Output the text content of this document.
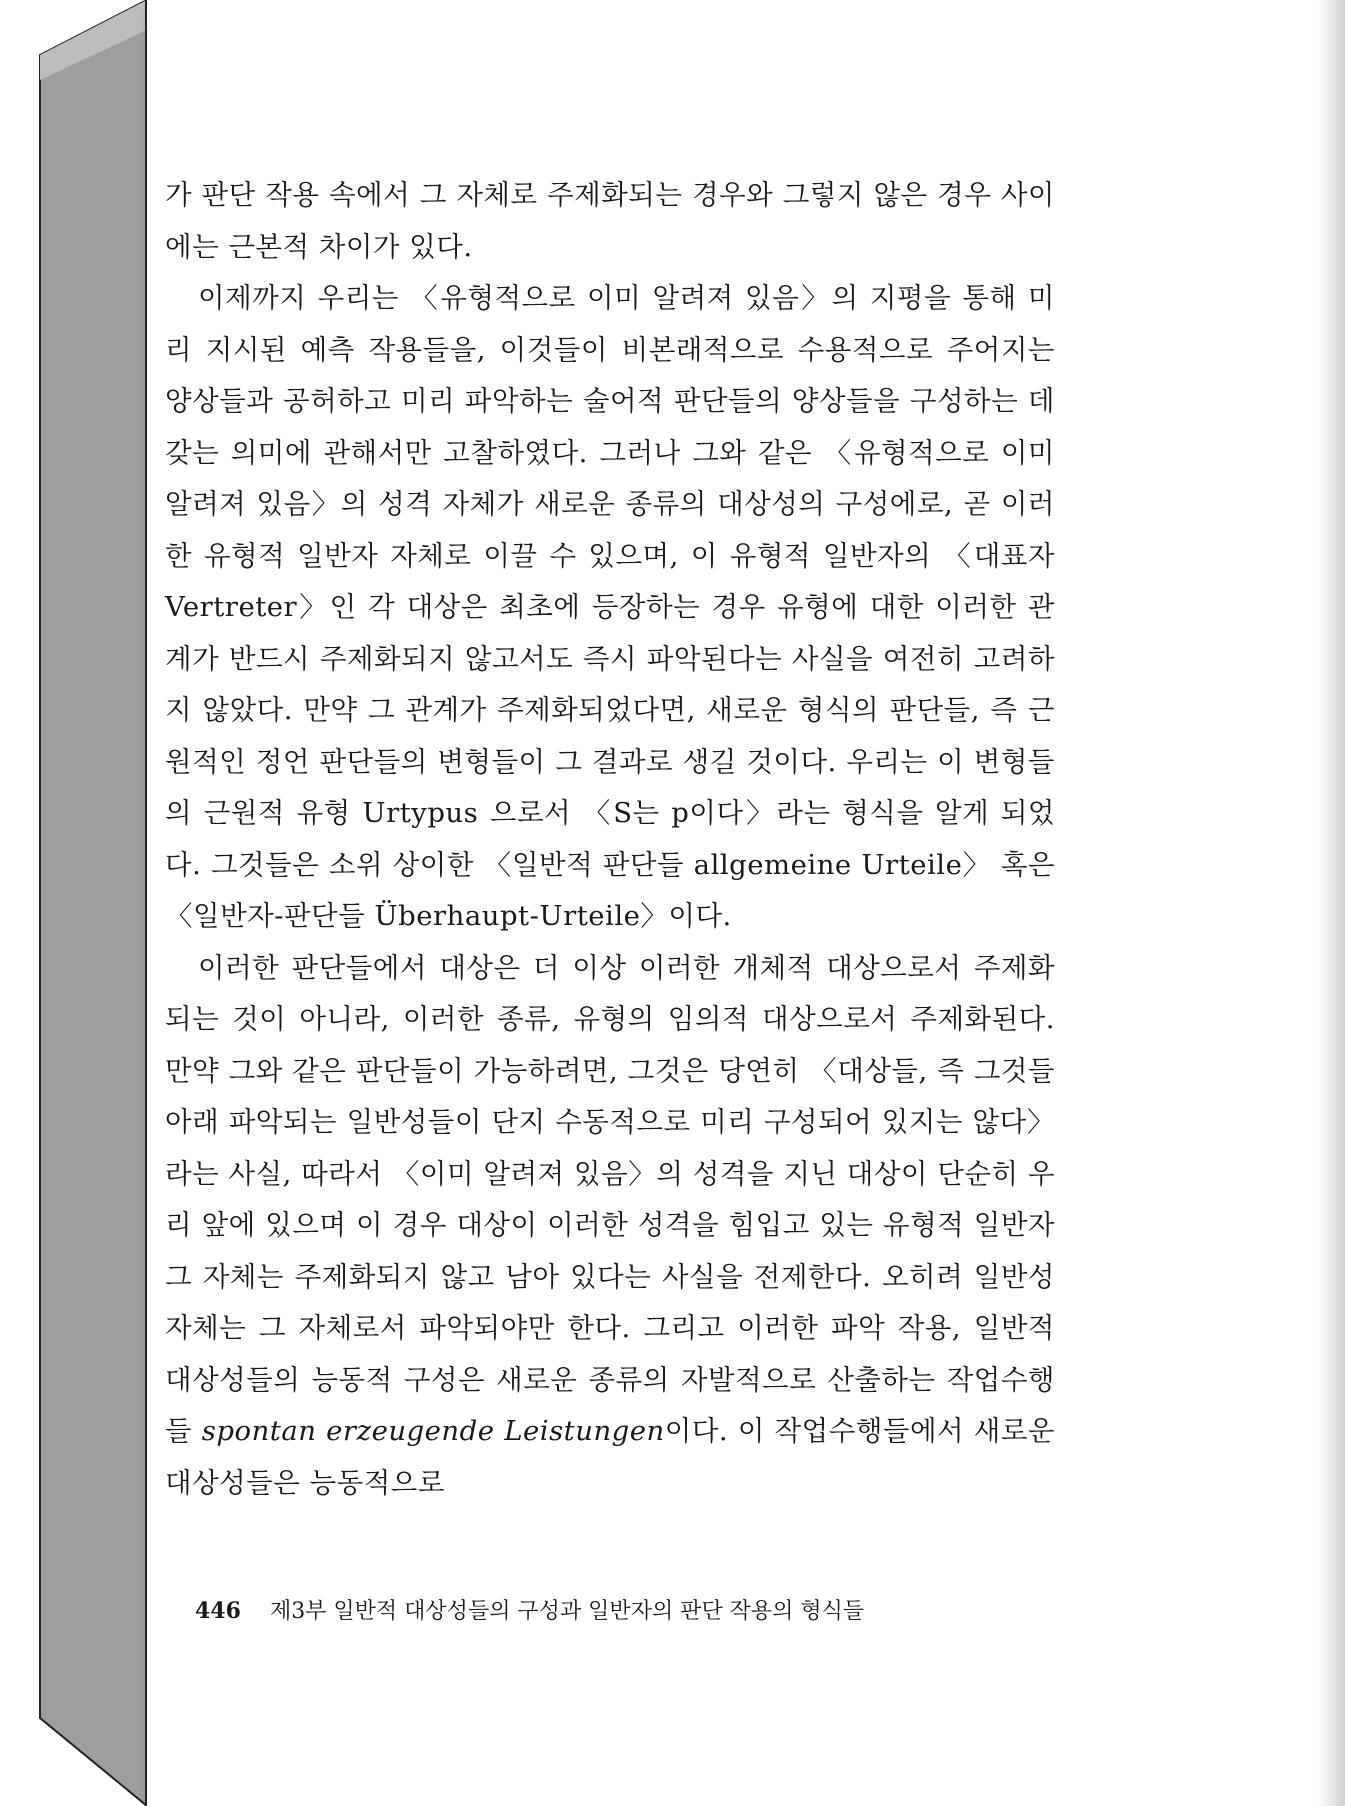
가 판단 작용 속에서 그 자체로 주제화되는 경우와 그렇지 않은 경우 사이에는 근본적 차이가 있다.

이제까지 우리는 〈유형적으로 이미 알려져 있음〉의 지평을 통해 미리 지시된 예측 작용들을, 이것들이 비본래적으로 수용적으로 주어지는 양상들과 공허하고 미리 파악하는 술어적 판단들의 양상들을 구성하는 데 갖는 의미에 관해서만 고찰하였다. 그러나 그와 같은 〈유형적으로 이미 알려져 있음〉의 성격 자체가 새로운 종류의 대상성의 구성에로, 곧 이러한 유형적 일반자 자체로 이끌 수 있으며, 이 유형적 일반자의 〈대표자 Vertreter〉인 각 대상은 최초에 등장하는 경우 유형에 대한 이러한 관계가 반드시 주제화되지 않고서도 즉시 파악된다는 사실을 여전히 고려하지 않았다. 만약 그 관계가 주제화되었다면, 새로운 형식의 판단들, 즉 근원적인 정언 판단들의 변형들이 그 결과로 생길 것이다. 우리는 이 변형들의 근원적 유형 Urtypus 으로서 〈S는 p이다〉라는 형식을 알게 되었다. 그것들은 소위 상이한 〈일반적 판단들 allgemeine Urteile〉 혹은 〈일반자-판단들 Überhaupt-Urteile〉이다.

이러한 판단들에서 대상은 더 이상 이러한 개체적 대상으로서 주제화되는 것이 아니라, 이러한 종류, 유형의 임의적 대상으로서 주제화된다. 만약 그와 같은 판단들이 가능하려면, 그것은 당연히 〈대상들, 즉 그것들 아래 파악되는 일반성들이 단지 수동적으로 미리 구성되어 있지는 않다〉라는 사실, 따라서 〈이미 알려져 있음〉의 성격을 지닌 대상이 단순히 우리 앞에 있으며 이 경우 대상이 이러한 성격을 힘입고 있는 유형적 일반자 그 자체는 주제화되지 않고 남아 있다는 사실을 전제한다. 오히려 일반성 자체는 그 자체로서 파악되야만 한다. 그리고 이러한 파악 작용, 일반적 대상성들의 능동적 구성은 새로운 종류의 자발적으로 산출하는 작업수행들 spontan erzeugende Leistungen이다. 이 작업수행들에서 새로운 대상성들은 능동적으로

446 제3부 일반적 대상성들의 구성과 일반자의 판단 작용의 형식들
